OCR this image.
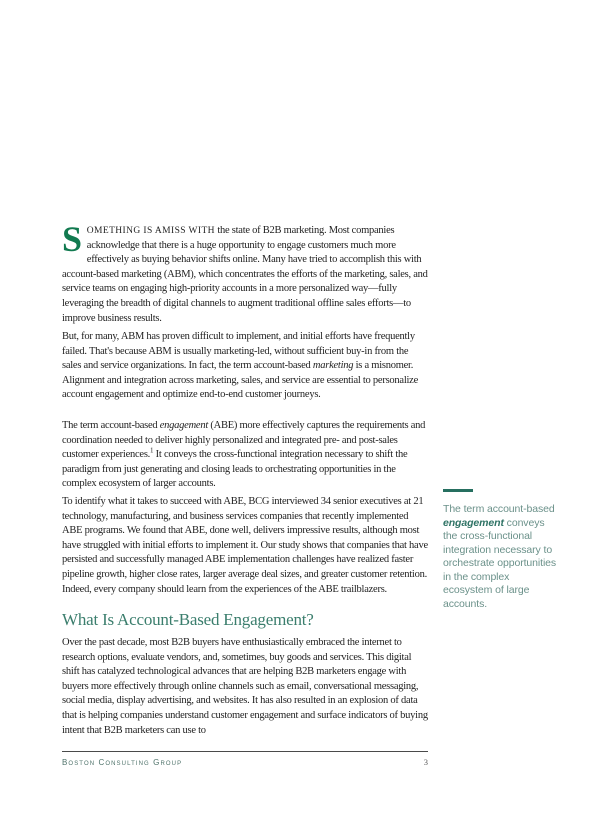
SOMETHING IS AMISS WITH the state of B2B marketing. Most companies acknowledge that there is a huge opportunity to engage customers much more effectively as buying behavior shifts online. Many have tried to accomplish this with account-based marketing (ABM), which concentrates the efforts of the marketing, sales, and service teams on engaging high-priority accounts in a more personalized way—fully leveraging the breadth of digital channels to augment traditional offline sales efforts—to improve business results.

But, for many, ABM has proven difficult to implement, and initial efforts have frequently failed. That's because ABM is usually marketing-led, without sufficient buy-in from the sales and service organizations. In fact, the term account-based marketing is a misnomer. Alignment and integration across marketing, sales, and service are essential to personalize account engagement and optimize end-to-end customer journeys.

The term account-based engagement (ABE) more effectively captures the requirements and coordination needed to deliver highly personalized and integrated pre- and post-sales customer experiences.$^1$ It conveys the cross-functional integration necessary to shift the paradigm from just generating and closing leads to orchestrating opportunities in the complex ecosystem of larger accounts.

To identify what it takes to succeed with ABE, BCG interviewed 34 senior executives at 21 technology, manufacturing, and business services companies that recently implemented ABE programs. We found that ABE, done well, delivers impressive results, although most have struggled with initial efforts to implement it. Our study shows that companies that have persisted and successfully managed ABE implementation challenges have realized faster pipeline growth, higher close rates, larger average deal sizes, and greater customer retention. Indeed, every company should learn from the experiences of the ABE trailblazers.

What Is Account-Based Engagement?

Over the past decade, most B2B buyers have enthusiastically embraced the internet to research options, evaluate vendors, and, sometimes, buy goods and services. This digital shift has catalyzed technological advances that are helping B2B marketers engage with buyers more effectively through online channels such as email, conversational messaging, social media, display advertising, and websites. It has also resulted in an explosion of data that is helping companies understand customer engagement and surface indicators of buying intent that B2B marketers can use to

The term account-based engagement conveys the cross-functional integration necessary to orchestrate opportunities in the complex ecosystem of large accounts.
Boston Consulting Group	3
